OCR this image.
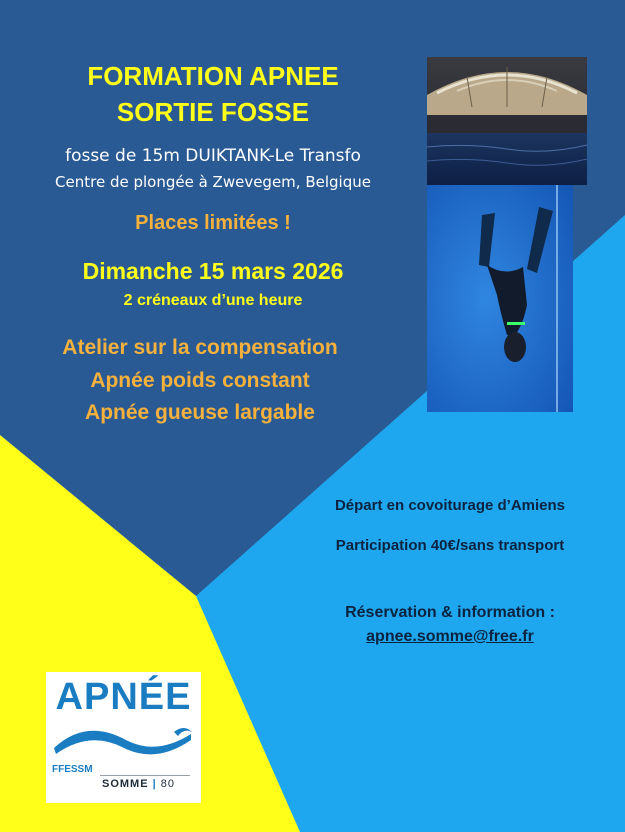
FORMATION APNEE
SORTIE FOSSE
fosse de 15m DUIKTANK-Le Transfo
Centre de plongée à Zwevegem, Belgique
Places limitées !
Dimanche 15 mars 2026
2 créneaux d’une heure
Atelier sur la compensation
Apnée poids constant
Apnée gueuse largable
Départ en covoiturage d’Amiens
Participation 40€/sans transport
Réservation & information :
apnee.somme@free.fr
APNÉE
FFESSM
SOMME | 80
